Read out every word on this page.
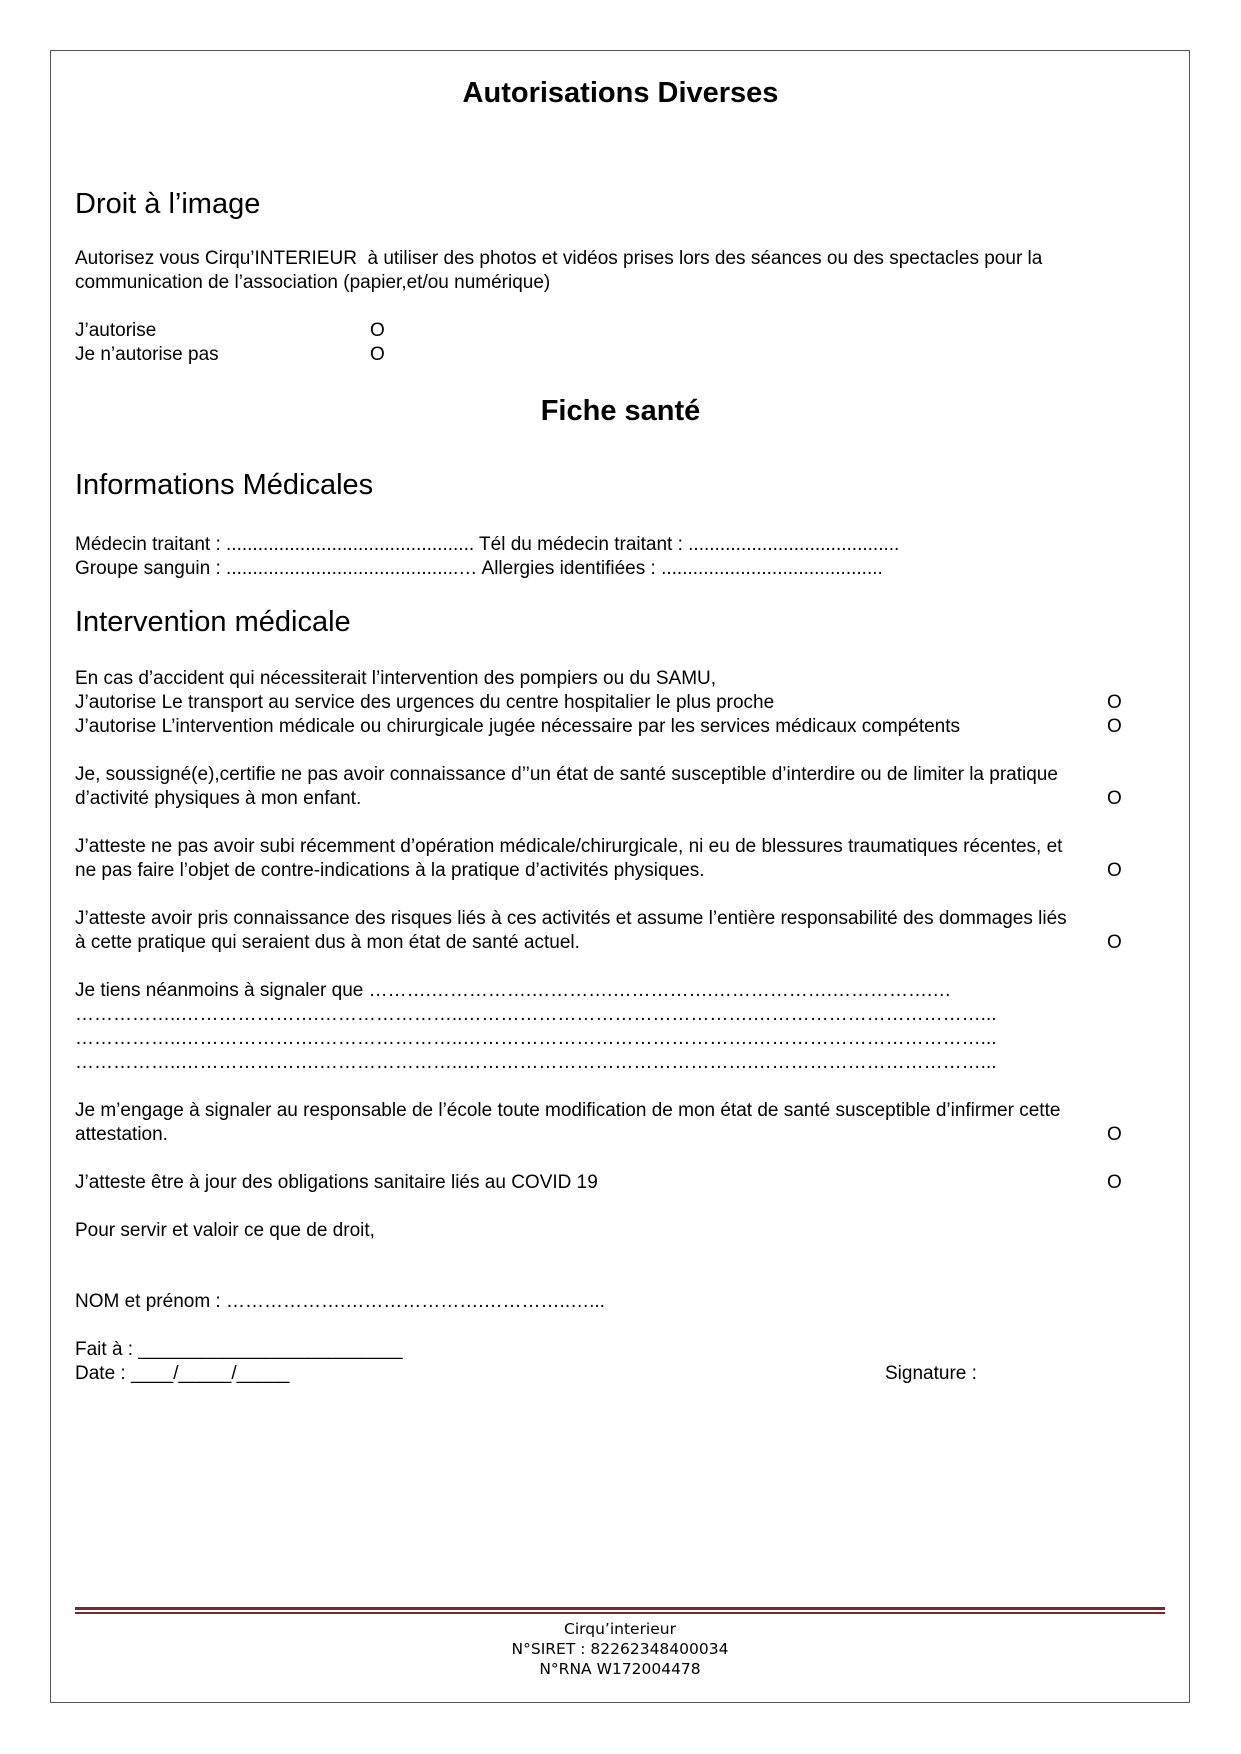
Autorisations Diverses
Droit à l’image
Autorisez vous Cirqu’INTERIEUR  à utiliser des photos et vidéos prises lors des séances ou des spectacles pour la
communication de l’association (papier,et/ou numérique)
J’autorise	O
Je n’autorise pas	O
Fiche santé
Informations Médicales
Médecin traitant : ............................................... Tél du médecin traitant : ........................................
Groupe sanguin : ............................................… Allergies identifiées : ..........................................
Intervention médicale
En cas d’accident qui nécessiterait l’intervention des pompiers ou du SAMU,
J’autorise Le transport au service des urgences du centre hospitalier le plus proche	O
J’autorise L’intervention médicale ou chirurgicale jugée nécessaire par les services médicaux compétents	O
Je, soussigné(e),certifie ne pas avoir connaissance d’’un état de santé susceptible d’interdire ou de limiter la pratique
d’activité physiques à mon enfant.	O
J’atteste ne pas avoir subi récemment d’opération médicale/chirurgicale, ni eu de blessures traumatiques récentes, et
ne pas faire l’objet de contre-indications à la pratique d’activités physiques.	O
J’atteste avoir pris connaissance des risques liés à ces activités et assume l’entière responsabilité des dommages liés
à cette pratique qui seraient dus à mon état de santé actuel.	O
Je tiens néanmoins à signaler que ……….…………….………….…………….……………….…………….…
……………..………………….…………………..……………………………………….………………………………...
……………..………………….…………………..……………………………………….………………………………...
……………..………………….…………………..……………………………………….………………………………...
Je m’engage à signaler au responsable de l’école toute modification de mon état de santé susceptible d’infirmer cette
attestation.	O
J’atteste être à jour des obligations sanitaire liés au COVID 19	O
Pour servir et valoir ce que de droit,
NOM et prénom : ……………….………………….…………..…...
Fait à : _________________________
Date : ____/_____/_____	Signature :
Cirqu’interieur
N°SIRET : 82262348400034
N°RNA W172004478
